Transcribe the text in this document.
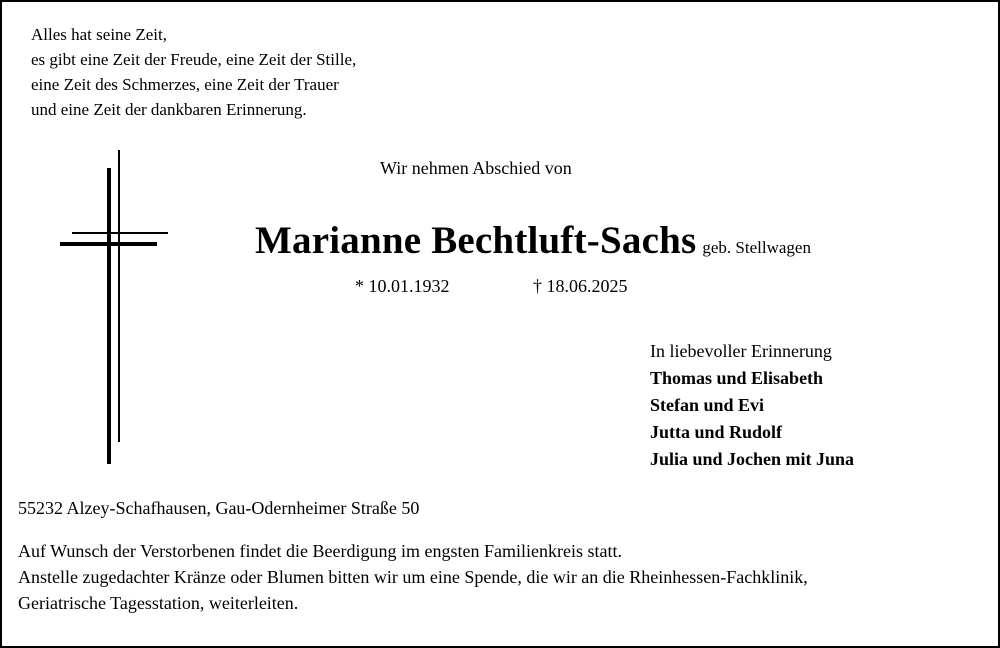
Alles hat seine Zeit,
es gibt eine Zeit der Freude, eine Zeit der Stille,
eine Zeit des Schmerzes, eine Zeit der Trauer
und eine Zeit der dankbaren Erinnerung.
Wir nehmen Abschied von
Marianne Bechtluft-Sachs geb. Stellwagen
* 10.01.1932	† 18.06.2025
In liebevoller Erinnerung
Thomas und Elisabeth
Stefan und Evi
Jutta und Rudolf
Julia und Jochen mit Juna
55232 Alzey-Schafhausen, Gau-Odernheimer Straße 50
Auf Wunsch der Verstorbenen findet die Beerdigung im engsten Familienkreis statt.
Anstelle zugedachter Kränze oder Blumen bitten wir um eine Spende, die wir an die Rheinhessen-Fachklinik,
Geriatrische Tagesstation, weiterleiten.
